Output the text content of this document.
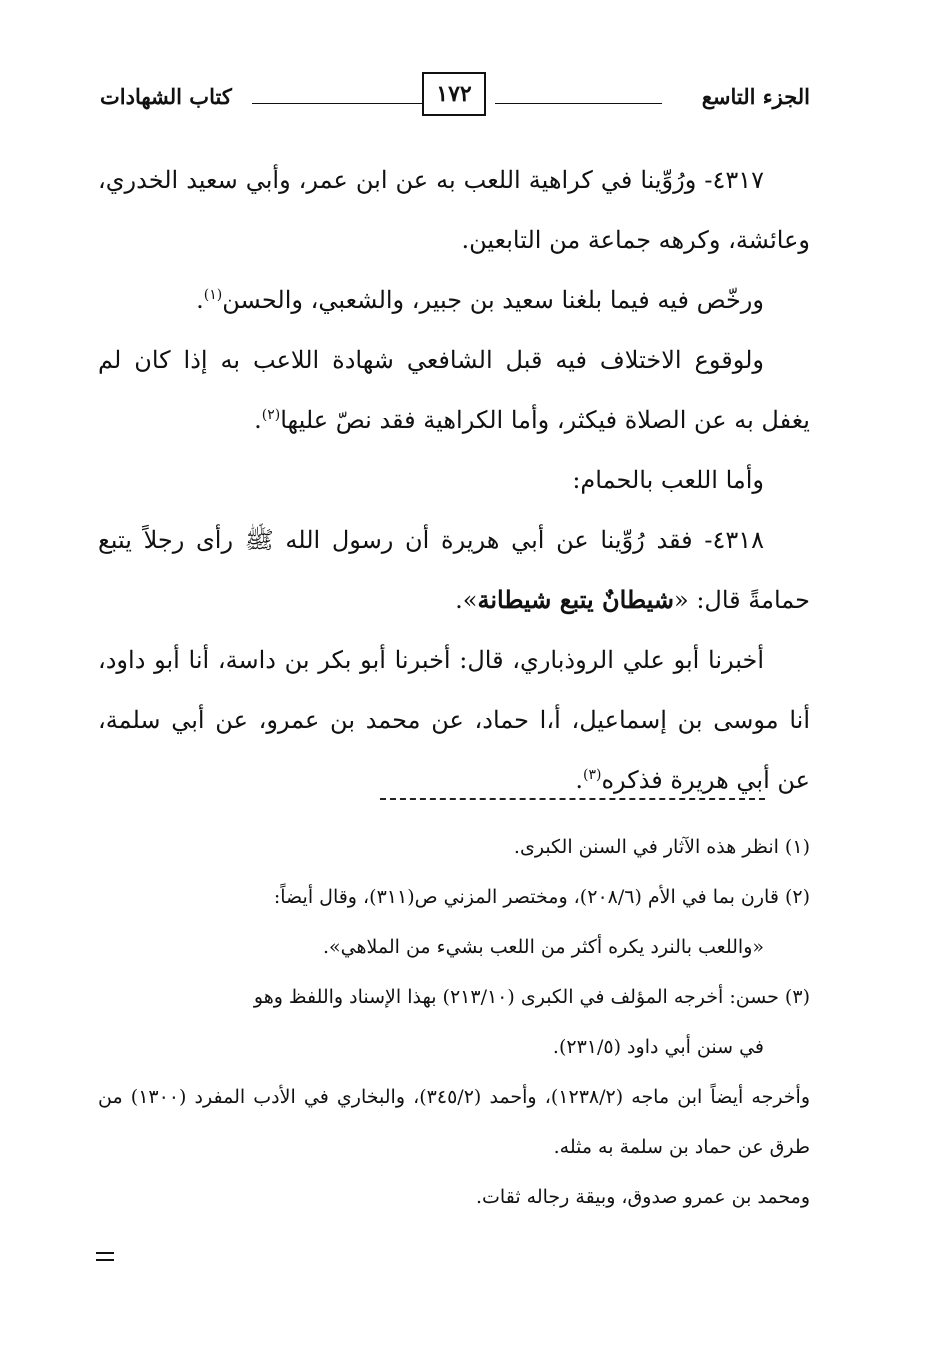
الجزء التاسع
١٧٢
كتاب الشهادات

٤٣١٧- ورُوِّينا في كراهية اللعب به عن ابن عمر، وأبي سعيد الخدري، وعائشة، وكرهه جماعة من التابعين.

ورخّص فيه فيما بلغنا سعيد بن جبير، والشعبي، والحسن$^{(١)}$.

ولوقوع الاختلاف فيه قبل الشافعي شهادة اللاعب به إذا كان لم يغفل به عن الصلاة فيكثر، وأما الكراهية فقد نصّ عليها$^{(٢)}$.

وأما اللعب بالحمام:

٤٣١٨- فقد رُوِّينا عن أبي هريرة أن رسول الله ﷺ رأى رجلاً يتبع حمامةً قال: «شيطانٌ يتبع شيطانة».

أخبرنا أبو علي الروذباري، قال: أخبرنا أبو بكر بن داسة، أنا أبو داود، أنا موسى بن إسماعيل، أ،ا حماد، عن محمد بن عمرو، عن أبي سلمة، عن أبي هريرة فذكره$^{(٣)}$.

(١) انظر هذه الآثار في السنن الكبرى.

(٢) قارن بما في الأم (٢٠٨/٦)، ومختصر المزني ص(٣١١)، وقال أيضاً:

«واللعب بالنرد يكره أكثر من اللعب بشيء من الملاهي».

(٣) حسن: أخرجه المؤلف في الكبرى (٢١٣/١٠) بهذا الإسناد واللفظ وهو

في سنن أبي داود (٢٣١/٥).

وأخرجه أيضاً ابن ماجه (١٢٣٨/٢)، وأحمد (٣٤٥/٢)، والبخاري في الأدب المفرد (١٣٠٠) من طرق عن حماد بن سلمة به مثله.

ومحمد بن عمرو صدوق، وبيقة رجاله ثقات.
